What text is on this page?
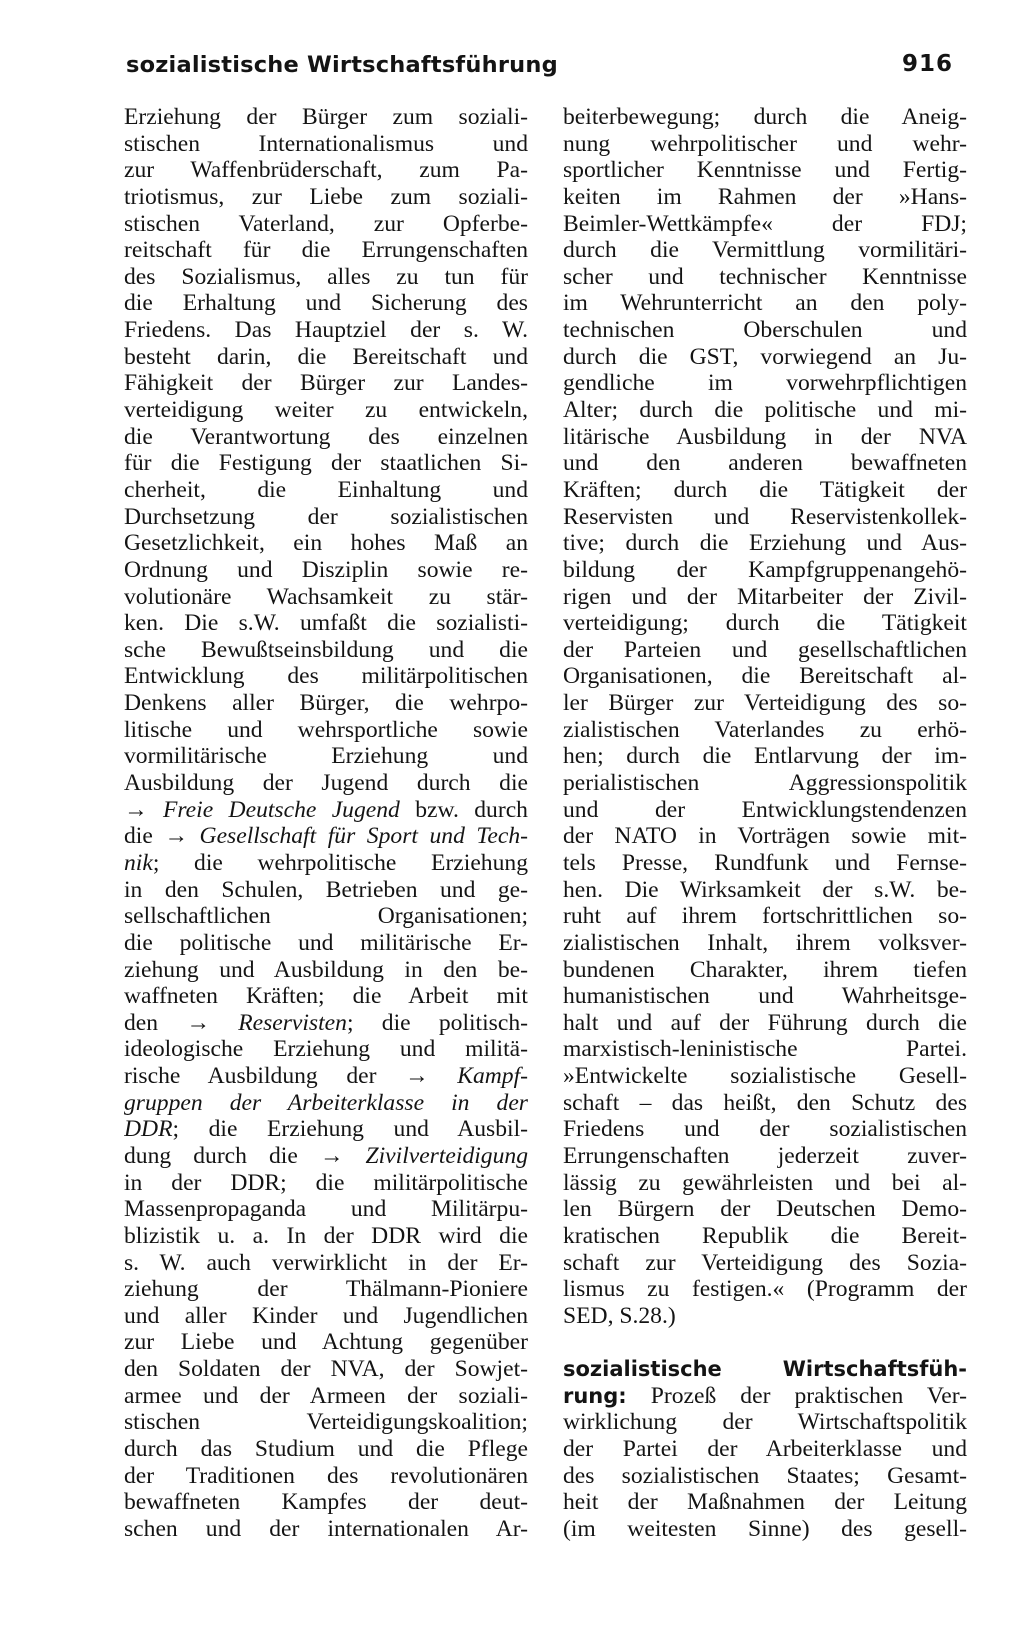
sozialistische Wirtschaftsführung	916
Erziehung der Bürger zum soziali-
stischen Internationalismus und
zur Waffenbrüderschaft, zum Pa-
triotismus, zur Liebe zum soziali-
stischen Vaterland, zur Opferbe-
reitschaft für die Errungenschaften
des Sozialismus, alles zu tun für
die Erhaltung und Sicherung des
Friedens. Das Hauptziel der s. W.
besteht darin, die Bereitschaft und
Fähigkeit der Bürger zur Landes-
verteidigung weiter zu entwickeln,
die Verantwortung des einzelnen
für die Festigung der staatlichen Si-
cherheit, die Einhaltung und
Durchsetzung der sozialistischen
Gesetzlichkeit, ein hohes Maß an
Ordnung und Disziplin sowie re-
volutionäre Wachsamkeit zu stär-
ken. Die s.W. umfaßt die sozialisti-
sche Bewußtseinsbildung und die
Entwicklung des militärpolitischen
Denkens aller Bürger, die wehrpo-
litische und wehrsportliche sowie
vormilitärische Erziehung und
Ausbildung der Jugend durch die
→ Freie Deutsche Jugend bzw. durch
die → Gesellschaft für Sport und Tech-
nik; die wehrpolitische Erziehung
in den Schulen, Betrieben und ge-
sellschaftlichen Organisationen;
die politische und militärische Er-
ziehung und Ausbildung in den be-
waffneten Kräften; die Arbeit mit
den → Reservisten; die politisch-
ideologische Erziehung und militä-
rische Ausbildung der → Kampf-
gruppen der Arbeiterklasse in der
DDR; die Erziehung und Ausbil-
dung durch die → Zivilverteidigung
in der DDR; die militärpolitische
Massenpropaganda und Militärpu-
blizistik u. a. In der DDR wird die
s. W. auch verwirklicht in der Er-
ziehung der Thälmann-Pioniere
und aller Kinder und Jugendlichen
zur Liebe und Achtung gegenüber
den Soldaten der NVA, der Sowjet-
armee und der Armeen der soziali-
stischen Verteidigungskoalition;
durch das Studium und die Pflege
der Traditionen des revolutionären
bewaffneten Kampfes der deut-
schen und der internationalen Ar-
beiterbewegung; durch die Aneig-
nung wehrpolitischer und wehr-
sportlicher Kenntnisse und Fertig-
keiten im Rahmen der »Hans-
Beimler-Wettkämpfe« der FDJ;
durch die Vermittlung vormilitäri-
scher und technischer Kenntnisse
im Wehrunterricht an den poly-
technischen Oberschulen und
durch die GST, vorwiegend an Ju-
gendliche im vorwehrpflichtigen
Alter; durch die politische und mi-
litärische Ausbildung in der NVA
und den anderen bewaffneten
Kräften; durch die Tätigkeit der
Reservisten und Reservistenkollek-
tive; durch die Erziehung und Aus-
bildung der Kampfgruppenangehö-
rigen und der Mitarbeiter der Zivil-
verteidigung; durch die Tätigkeit
der Parteien und gesellschaftlichen
Organisationen, die Bereitschaft al-
ler Bürger zur Verteidigung des so-
zialistischen Vaterlandes zu erhö-
hen; durch die Entlarvung der im-
perialistischen Aggressionspolitik
und der Entwicklungstendenzen
der NATO in Vorträgen sowie mit-
tels Presse, Rundfunk und Fernse-
hen. Die Wirksamkeit der s.W. be-
ruht auf ihrem fortschrittlichen so-
zialistischen Inhalt, ihrem volksver-
bundenen Charakter, ihrem tiefen
humanistischen und Wahrheitsge-
halt und auf der Führung durch die
marxistisch-leninistische Partei.
»Entwickelte sozialistische Gesell-
schaft – das heißt, den Schutz des
Friedens und der sozialistischen
Errungenschaften jederzeit zuver-
lässig zu gewährleisten und bei al-
len Bürgern der Deutschen Demo-
kratischen Republik die Bereit-
schaft zur Verteidigung des Sozia-
lismus zu festigen.« (Programm der
SED, S.28.)
sozialistische Wirtschaftsfüh-
rung: Prozeß der praktischen Ver-
wirklichung der Wirtschaftspolitik
der Partei der Arbeiterklasse und
des sozialistischen Staates; Gesamt-
heit der Maßnahmen der Leitung
(im weitesten Sinne) des gesell-
